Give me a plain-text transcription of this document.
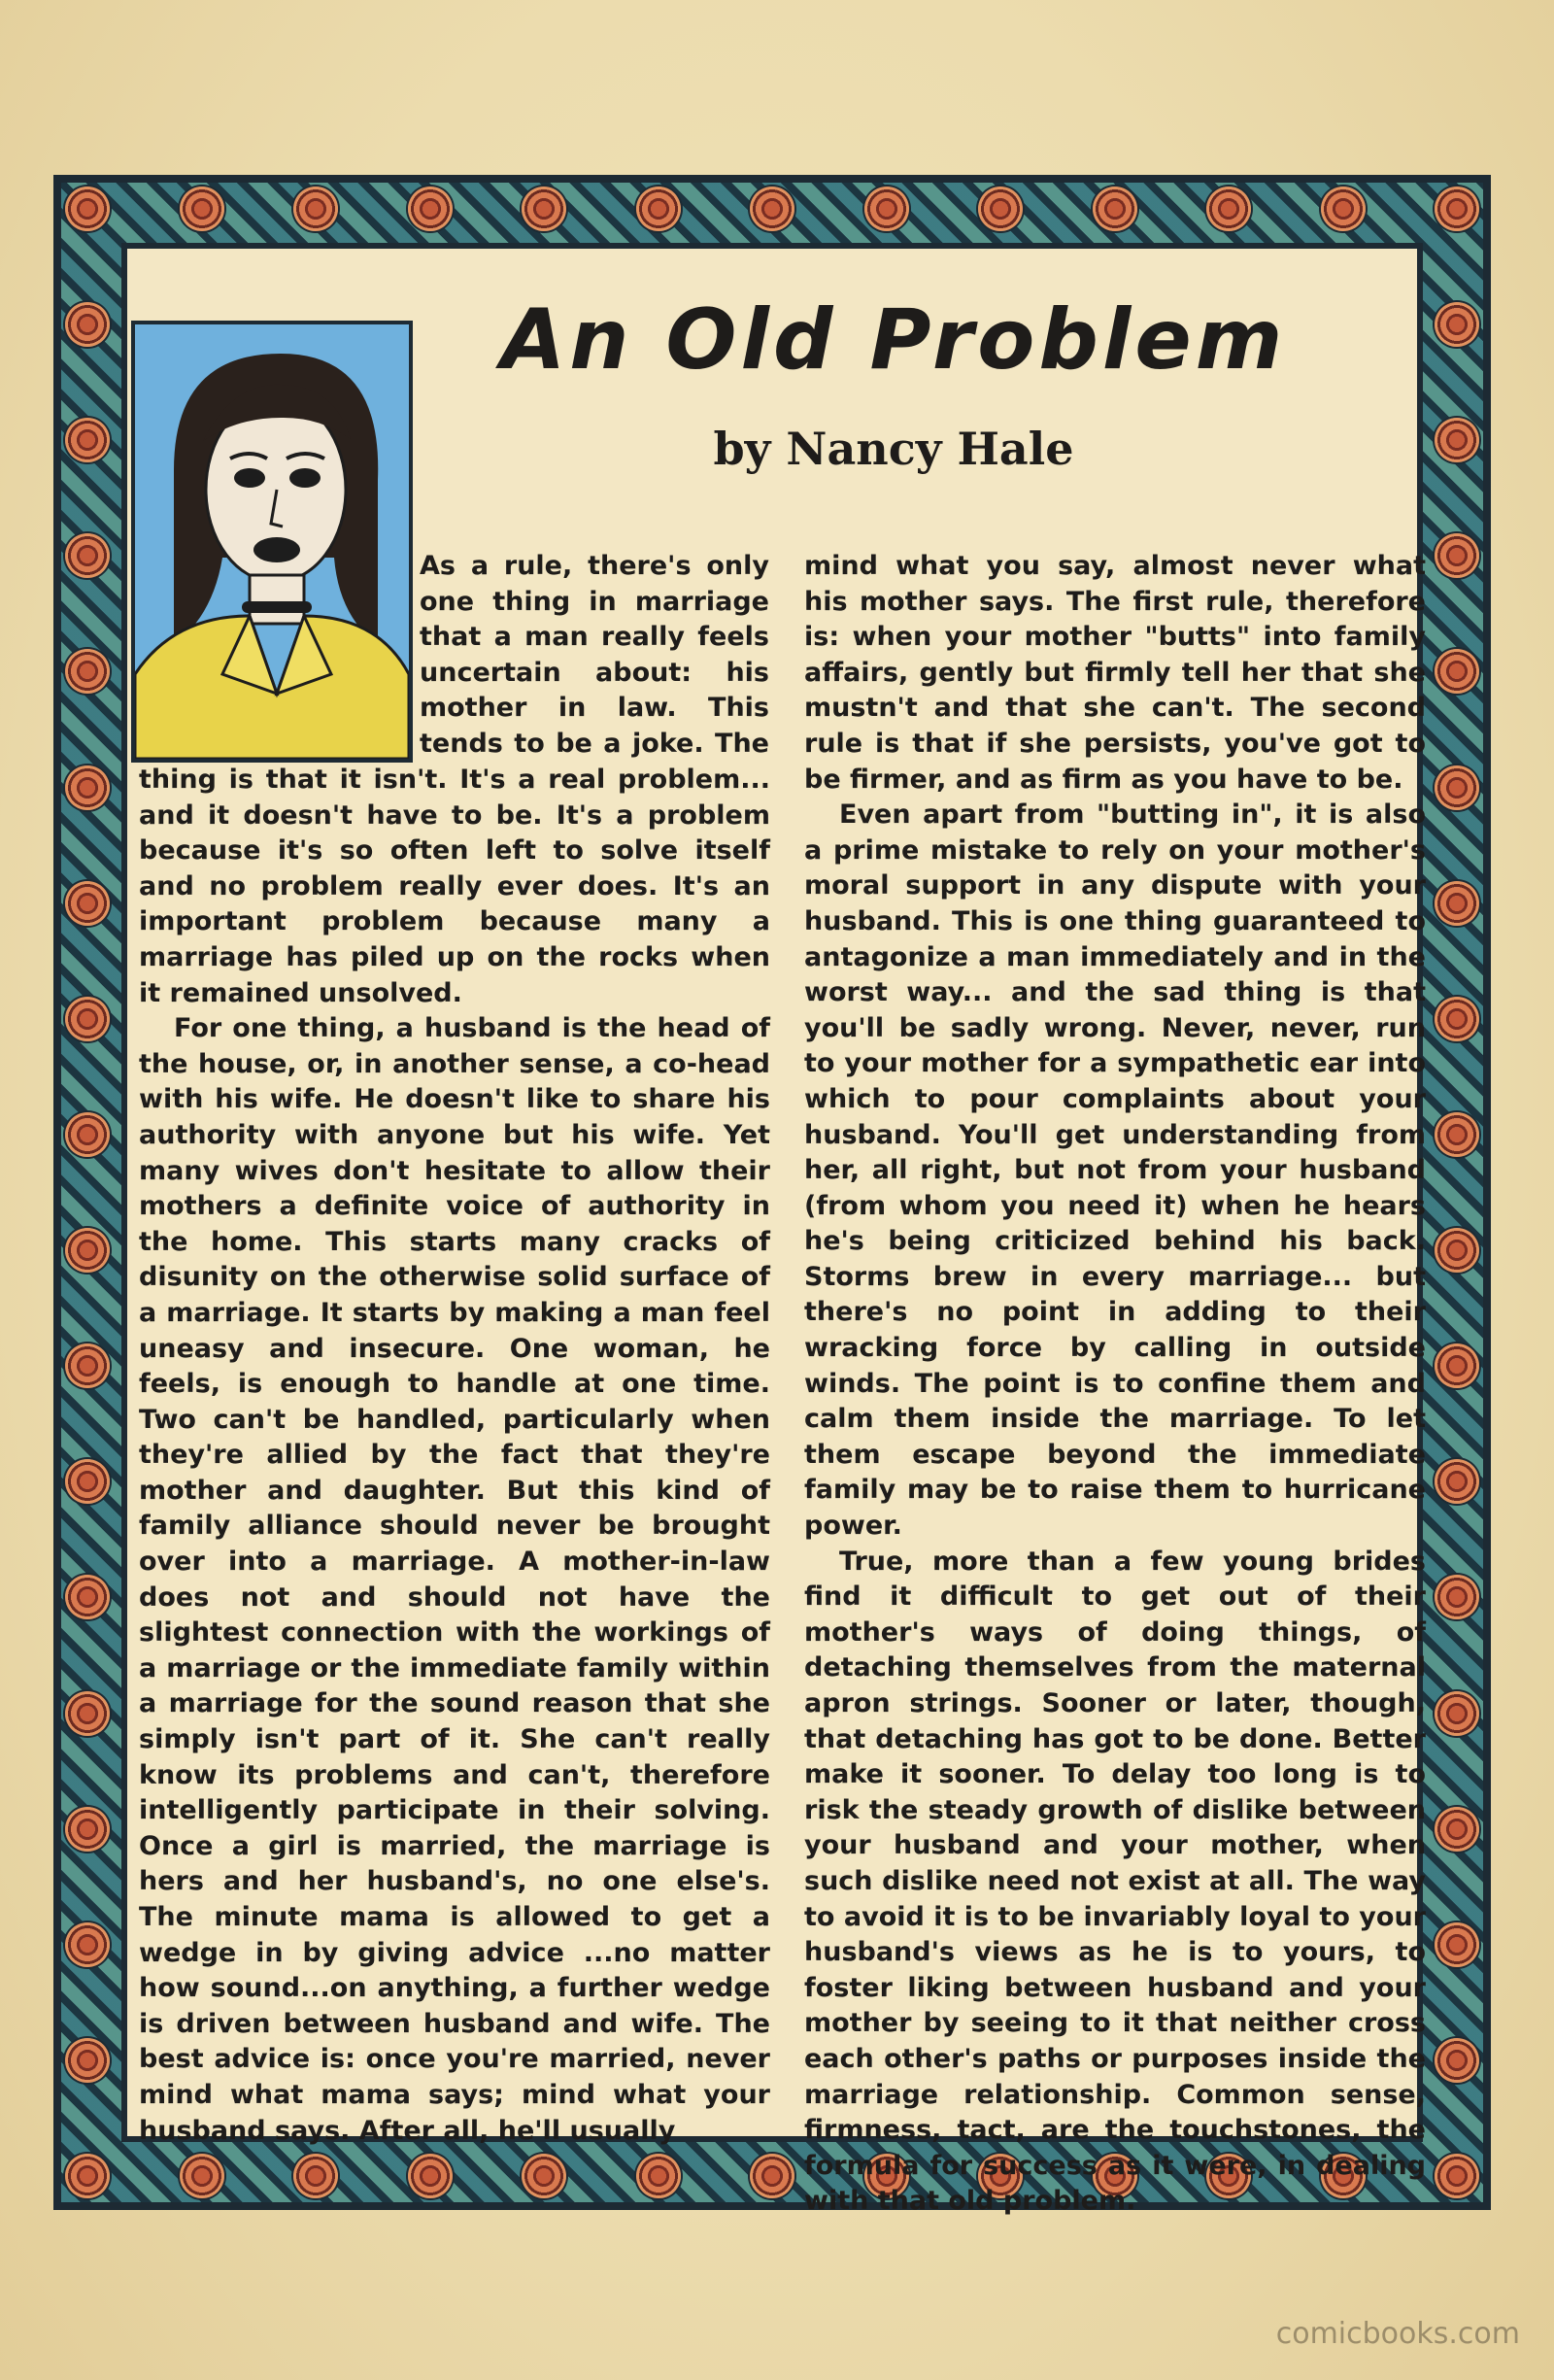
An Old Problem
by Nancy Hale

As a rule, there's only

one thing in marriage

that a man really feels

uncertain about: his

mother in law. This

tends to be a joke. The

thing is that it isn't. It's a real problem... and it doesn't have to be. It's a problem because it's so often left to solve itself and no problem really ever does. It's an important problem because many a marriage has piled up on the rocks when it remained unsolved.

For one thing, a husband is the head of the house, or, in another sense, a co-head with his wife. He doesn't like to share his authority with anyone but his wife. Yet many wives don't hesitate to allow their mothers a definite voice of authority in the home. This starts many cracks of disunity on the otherwise solid surface of a marriage. It starts by making a man feel uneasy and insecure. One woman, he feels, is enough to handle at one time. Two can't be handled, particularly when they're allied by the fact that they're mother and daughter. But this kind of family alliance should never be brought over into a marriage. A mother-in-law does not and should not have the slightest connection with the workings of a marriage or the immediate family within a marriage for the sound reason that she simply isn't part of it. She can't really know its problems and can't, therefore intelligently participate in their solving. Once a girl is married, the marriage is hers and her husband's, no one else's. The minute mama is allowed to get a wedge in by giving advice ...no matter how sound...on anything, a further wedge is driven between husband and wife. The best advice is: once you're married, never mind what mama says; mind what your husband says. After all, he'll usually

mind what you say, almost never what his mother says. The first rule, therefore is: when your mother "butts" into family affairs, gently but firmly tell her that she mustn't and that she can't. The second rule is that if she persists, you've got to be firmer, and as firm as you have to be.

Even apart from "butting in", it is also a prime mistake to rely on your mother's moral support in any dispute with your husband. This is one thing guaranteed to antagonize a man immediately and in the worst way... and the sad thing is that you'll be sadly wrong. Never, never, run to your mother for a sympathetic ear into which to pour complaints about your husband. You'll get understanding from her, all right, but not from your husband (from whom you need it) when he hears he's being criticized behind his back. Storms brew in every marriage... but there's no point in adding to their wracking force by calling in outside winds. The point is to confine them and calm them inside the marriage. To let them escape beyond the immediate family may be to raise them to hurricane power.

True, more than a few young brides find it difficult to get out of their mother's ways of doing things, of detaching themselves from the maternal apron strings. Sooner or later, though, that detaching has got to be done. Better make it sooner. To delay too long is to risk the steady growth of dislike between your husband and your mother, when such dislike need not exist at all. The way to avoid it is to be invariably loyal to your husband's views as he is to yours, to foster liking between husband and your mother by seeing to it that neither cross each other's paths or purposes inside the marriage relationship. Common sense, firmness, tact, are the touchstones, the formula for success as it were, in dealing with that old problem.

comicbooks.com
